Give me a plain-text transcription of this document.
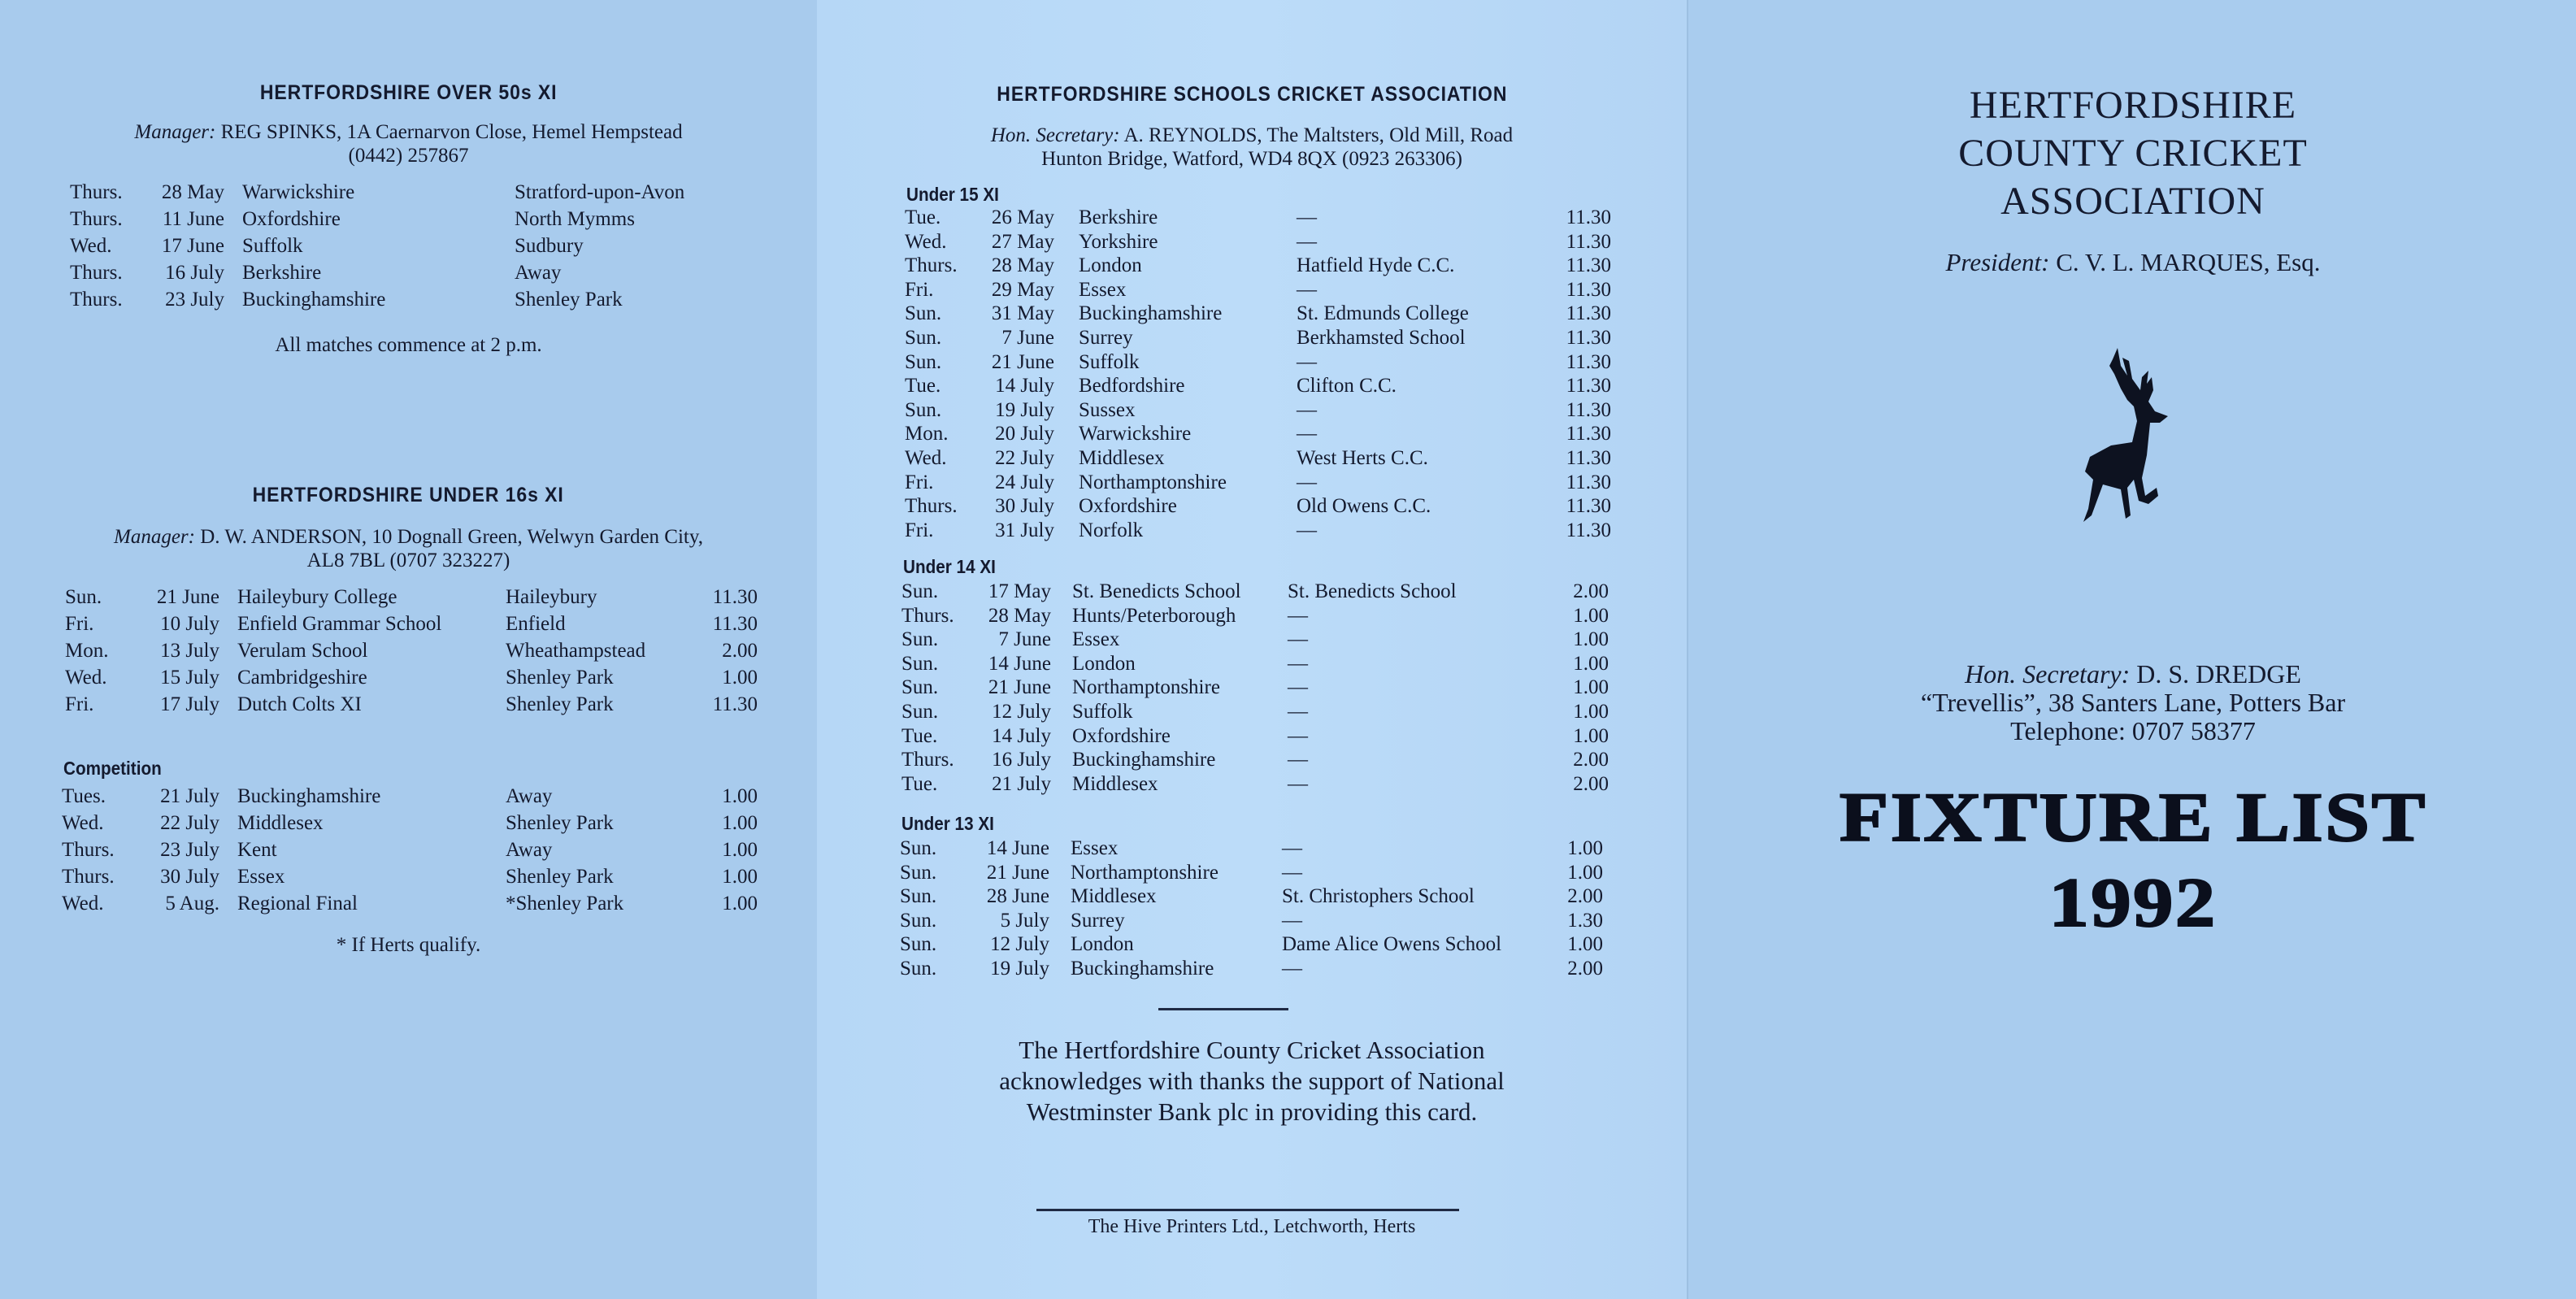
HERTFORDSHIRE OVER 50s XI
Manager: REG SPINKS, 1A Caernarvon Close, Hemel Hempstead
(0442) 257867
Thurs.	28 May		Warwickshire	Stratford-upon-Avon
Thurs.	11 June		Oxfordshire	North Mymms
Wed.	17 June		Suffolk	Sudbury
Thurs.	16 July		Berkshire	Away
Thurs.	23 July		Buckinghamshire	Shenley Park
All matches commence at 2 p.m.
HERTFORDSHIRE UNDER 16s XI
Manager: D. W. ANDERSON, 10 Dognall Green, Welwyn Garden City,
AL8 7BL (0707 323227)
Sun.	21 June		Haileybury College	Haileybury	11.30
Fri.	10 July		Enfield Grammar School	Enfield	11.30
Mon.	13 July		Verulam School	Wheathampstead	2.00
Wed.	15 July		Cambridgeshire	Shenley Park	1.00
Fri.	17 July		Dutch Colts XI	Shenley Park	11.30
Competition
Tues.	21 July		Buckinghamshire	Away	1.00
Wed.	22 July		Middlesex	Shenley Park	1.00
Thurs.	23 July		Kent	Away	1.00
Thurs.	30 July		Essex	Shenley Park	1.00
Wed.	5 Aug.		Regional Final	*Shenley Park	1.00
* If Herts qualify.
HERTFORDSHIRE SCHOOLS CRICKET ASSOCIATION
Hon. Secretary: A. REYNOLDS, The Maltsters, Old Mill, Road
Hunton Bridge, Watford, WD4 8QX (0923 263306)
Under 15 XI
Tue.	26 May		Berkshire	—	11.30
Wed.	27 May		Yorkshire	—	11.30
Thurs.	28 May		London	Hatfield Hyde C.C.	11.30
Fri.	29 May		Essex	—	11.30
Sun.	31 May		Buckinghamshire	St. Edmunds College	11.30
Sun.	7 June		Surrey	Berkhamsted School	11.30
Sun.	21 June		Suffolk	—	11.30
Tue.	14 July		Bedfordshire	Clifton C.C.	11.30
Sun.	19 July		Sussex	—	11.30
Mon.	20 July		Warwickshire	—	11.30
Wed.	22 July		Middlesex	West Herts C.C.	11.30
Fri.	24 July		Northamptonshire	—	11.30
Thurs.	30 July		Oxfordshire	Old Owens C.C.	11.30
Fri.	31 July		Norfolk	—	11.30
Under 14 XI
Sun.	17 May		St. Benedicts School	St. Benedicts School	2.00
Thurs.	28 May		Hunts/Peterborough	—	1.00
Sun.	7 June		Essex	—	1.00
Sun.	14 June		London	—	1.00
Sun.	21 June		Northamptonshire	—	1.00
Sun.	12 July		Suffolk	—	1.00
Tue.	14 July		Oxfordshire	—	1.00
Thurs.	16 July		Buckinghamshire	—	2.00
Tue.	21 July		Middlesex	—	2.00
Under 13 XI
Sun.	14 June		Essex	—	1.00
Sun.	21 June		Northamptonshire	—	1.00
Sun.	28 June		Middlesex	St. Christophers School	2.00
Sun.	5 July		Surrey	—	1.30
Sun.	12 July		London	Dame Alice Owens School	1.00
Sun.	19 July		Buckinghamshire	—	2.00
The Hertfordshire County Cricket Association
acknowledges with thanks the support of National
Westminster Bank plc in providing this card.
The Hive Printers Ltd., Letchworth, Herts
HERTFORDSHIRE
COUNTY CRICKET
ASSOCIATION
President: C. V. L. MARQUES, Esq.
Hon. Secretary: D. S. DREDGE
“Trevellis”, 38 Santers Lane, Potters Bar
Telephone: 0707 58377
FIXTURE LIST
1992
